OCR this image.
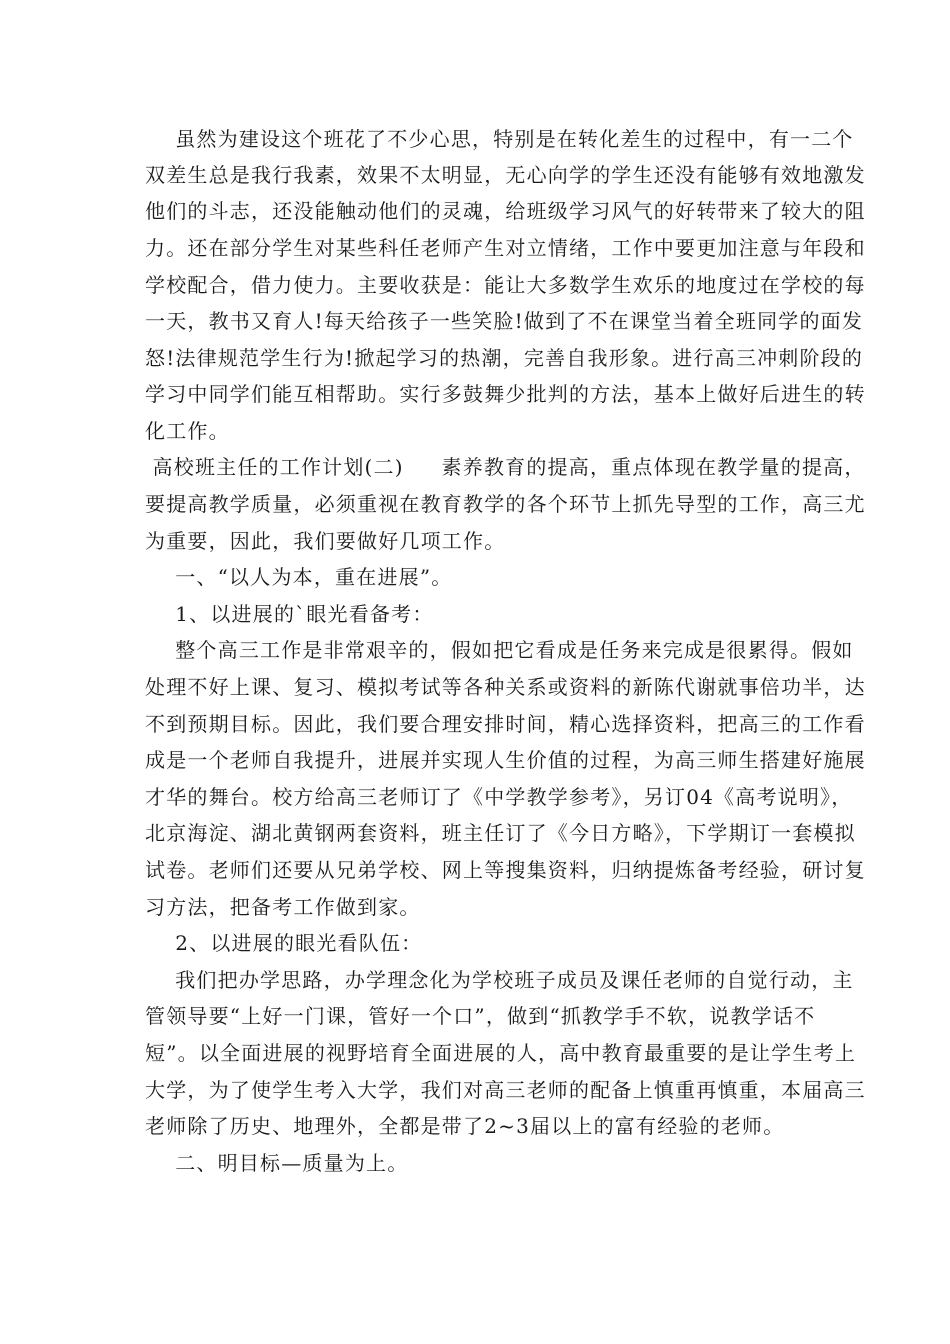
虽然为建设这个班花了不少心思，特别是在转化差生的过程中，有一二个
双差生总是我行我素，效果不太明显，无心向学的学生还没有能够有效地激发
他们的斗志，还没能触动他们的灵魂，给班级学习风气的好转带来了较大的阻
力。还在部分学生对某些科任老师产生对立情绪，工作中要更加注意与年段和
学校配合，借力使力。主要收获是：能让大多数学生欢乐的地度过在学校的每
一天，教书又育人!每天给孩子一些笑脸!做到了不在课堂当着全班同学的面发
怒!法律规范学生行为!掀起学习的热潮，完善自我形象。进行高三冲刺阶段的
学习中同学们能互相帮助。实行多鼓舞少批判的方法，基本上做好后进生的转
化工作。
高校班主任的工作计划(二)     素养教育的提高，重点体现在教学量的提高，
要提高教学质量，必须重视在教育教学的各个环节上抓先导型的工作，高三尤
为重要，因此，我们要做好几项工作。
一、“以人为本，重在进展”。
1、以进展的`眼光看备考：
整个高三工作是非常艰辛的，假如把它看成是任务来完成是很累得。假如
处理不好上课、复习、模拟考试等各种关系或资料的新陈代谢就事倍功半，达
不到预期目标。因此，我们要合理安排时间，精心选择资料，把高三的工作看
成是一个老师自我提升，进展并实现人生价值的过程，为高三师生搭建好施展
才华的舞台。校方给高三老师订了《中学教学参考》，另订04《高考说明》，
北京海淀、湖北黄钢两套资料，班主任订了《今日方略》，下学期订一套模拟
试卷。老师们还要从兄弟学校、网上等搜集资料，归纳提炼备考经验，研讨复
习方法，把备考工作做到家。
2、以进展的眼光看队伍：
我们把办学思路，办学理念化为学校班子成员及课任老师的自觉行动，主
管领导要“上好一门课，管好一个口”，做到“抓教学手不软，说教学话不
短”。以全面进展的视野培育全面进展的人，高中教育最重要的是让学生考上
大学，为了使学生考入大学，我们对高三老师的配备上慎重再慎重，本届高三
老师除了历史、地理外，全都是带了2~3届以上的富有经验的老师。
二、明目标—质量为上。
